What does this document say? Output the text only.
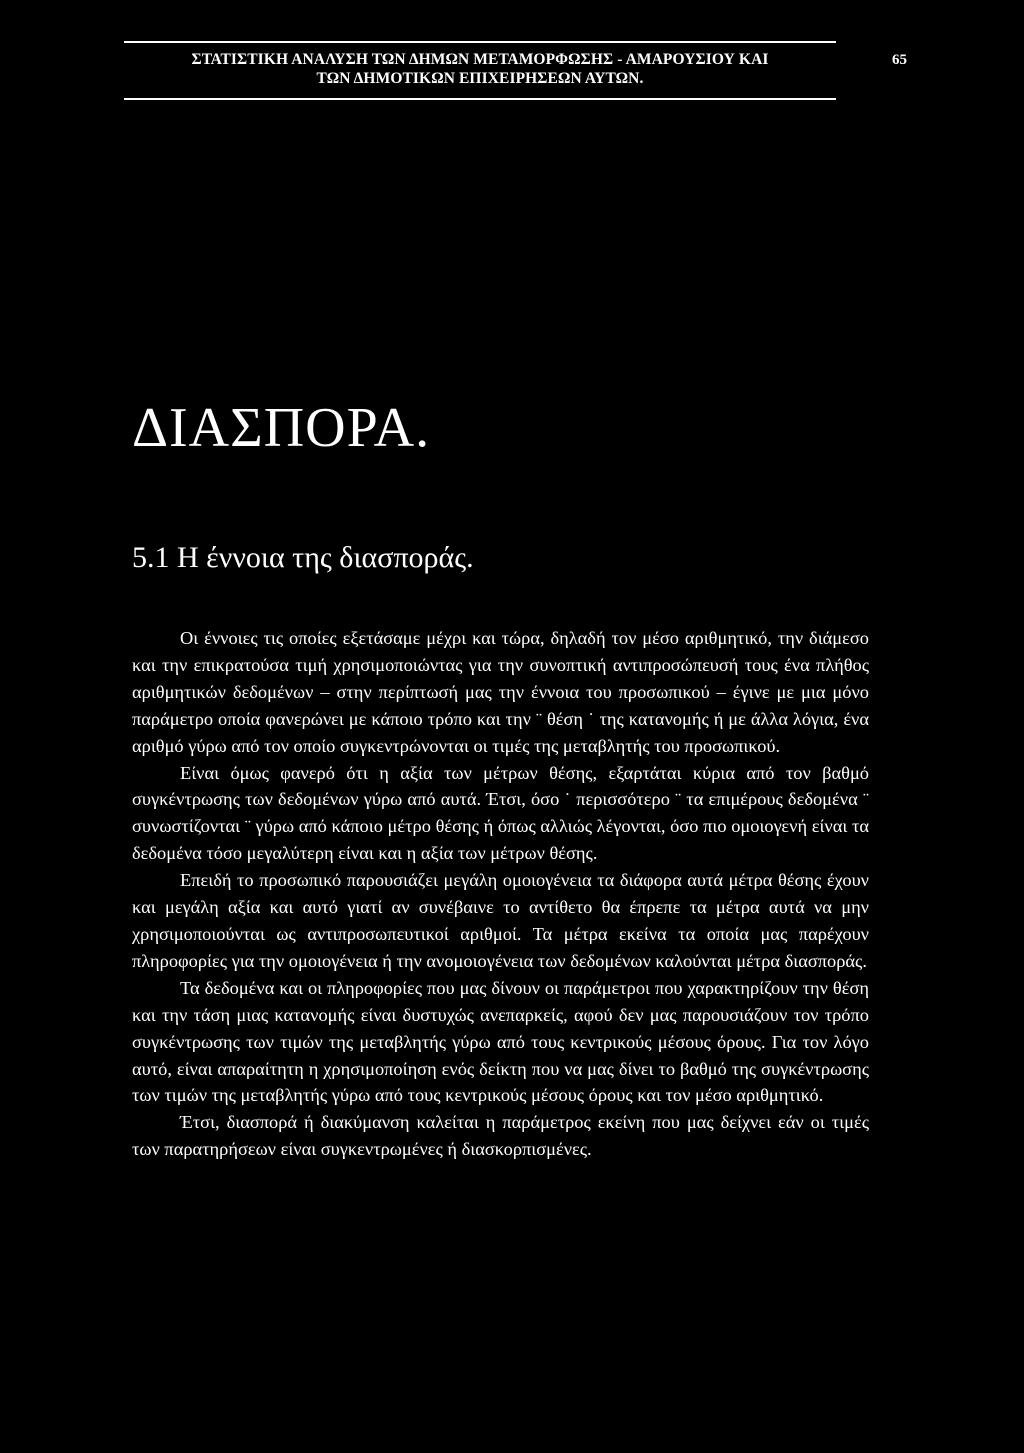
ΣΤΑΤΙΣΤΙΚΗ ΑΝΑΛΥΣΗ ΤΩΝ ΔΗΜΩΝ ΜΕΤΑΜΟΡΦΩΣΗΣ - ΑΜΑΡΟΥΣΙΟΥ ΚΑΙ
ΤΩΝ ΔΗΜΟΤΙΚΩΝ ΕΠΙΧΕΙΡΗΣΕΩΝ ΑΥΤΩΝ.
65
ΔΙΑΣΠΟΡΑ.
5.1 Η έννοια της διασποράς.

Οι έννοιες τις οποίες εξετάσαμε μέχρι και τώρα, δηλαδή τον μέσο αριθμητικό, την διάμεσο και την επικρατούσα τιμή χρησιμοποιώντας για την συνοπτική αντιπροσώπευσή τους ένα πλήθος αριθμητικών δεδομένων – στην περίπτωσή μας την έννοια του προσωπικού – έγινε με μια μόνο παράμετρο οποία φανερώνει με κάποιο τρόπο και την ¨ θέση ˙ της κατανομής ή με άλλα λόγια, ένα αριθμό γύρω από τον οποίο συγκεντρώνονται οι τιμές της μεταβλητής του προσωπικού.

Είναι όμως φανερό ότι η αξία των μέτρων θέσης, εξαρτάται κύρια από τον βαθμό συγκέντρωσης των δεδομένων γύρω από αυτά. Έτσι, όσο ˙ περισσότερο ¨ τα επιμέρους δεδομένα ¨ συνωστίζονται ¨ γύρω από κάποιο μέτρο θέσης ή όπως αλλιώς λέγονται, όσο πιο ομοιογενή είναι τα δεδομένα τόσο μεγαλύτερη είναι και η αξία των μέτρων θέσης.

Επειδή το προσωπικό παρουσιάζει μεγάλη ομοιογένεια τα διάφορα αυτά μέτρα θέσης έχουν και μεγάλη αξία και αυτό γιατί αν συνέβαινε το αντίθετο θα έπρεπε τα μέτρα αυτά να μην χρησιμοποιούνται ως αντιπροσωπευτικοί αριθμοί. Τα μέτρα εκείνα τα οποία μας παρέχουν πληροφορίες για την ομοιογένεια ή την ανομοιογένεια των δεδομένων καλούνται μέτρα διασποράς.

Τα δεδομένα και οι πληροφορίες που μας δίνουν οι παράμετροι που χαρακτηρίζουν την θέση και την τάση μιας κατανομής είναι δυστυχώς ανεπαρκείς, αφού δεν μας παρουσιάζουν τον τρόπο συγκέντρωσης των τιμών της μεταβλητής γύρω από τους κεντρικούς μέσους όρους. Για τον λόγο αυτό, είναι απαραίτητη η χρησιμοποίηση ενός δείκτη που να μας δίνει το βαθμό της συγκέντρωσης των τιμών της μεταβλητής γύρω από τους κεντρικούς μέσους όρους και τον μέσο αριθμητικό.

Έτσι, διασπορά ή διακύμανση καλείται η παράμετρος εκείνη που μας δείχνει εάν οι τιμές των παρατηρήσεων είναι συγκεντρωμένες ή διασκορπισμένες.
